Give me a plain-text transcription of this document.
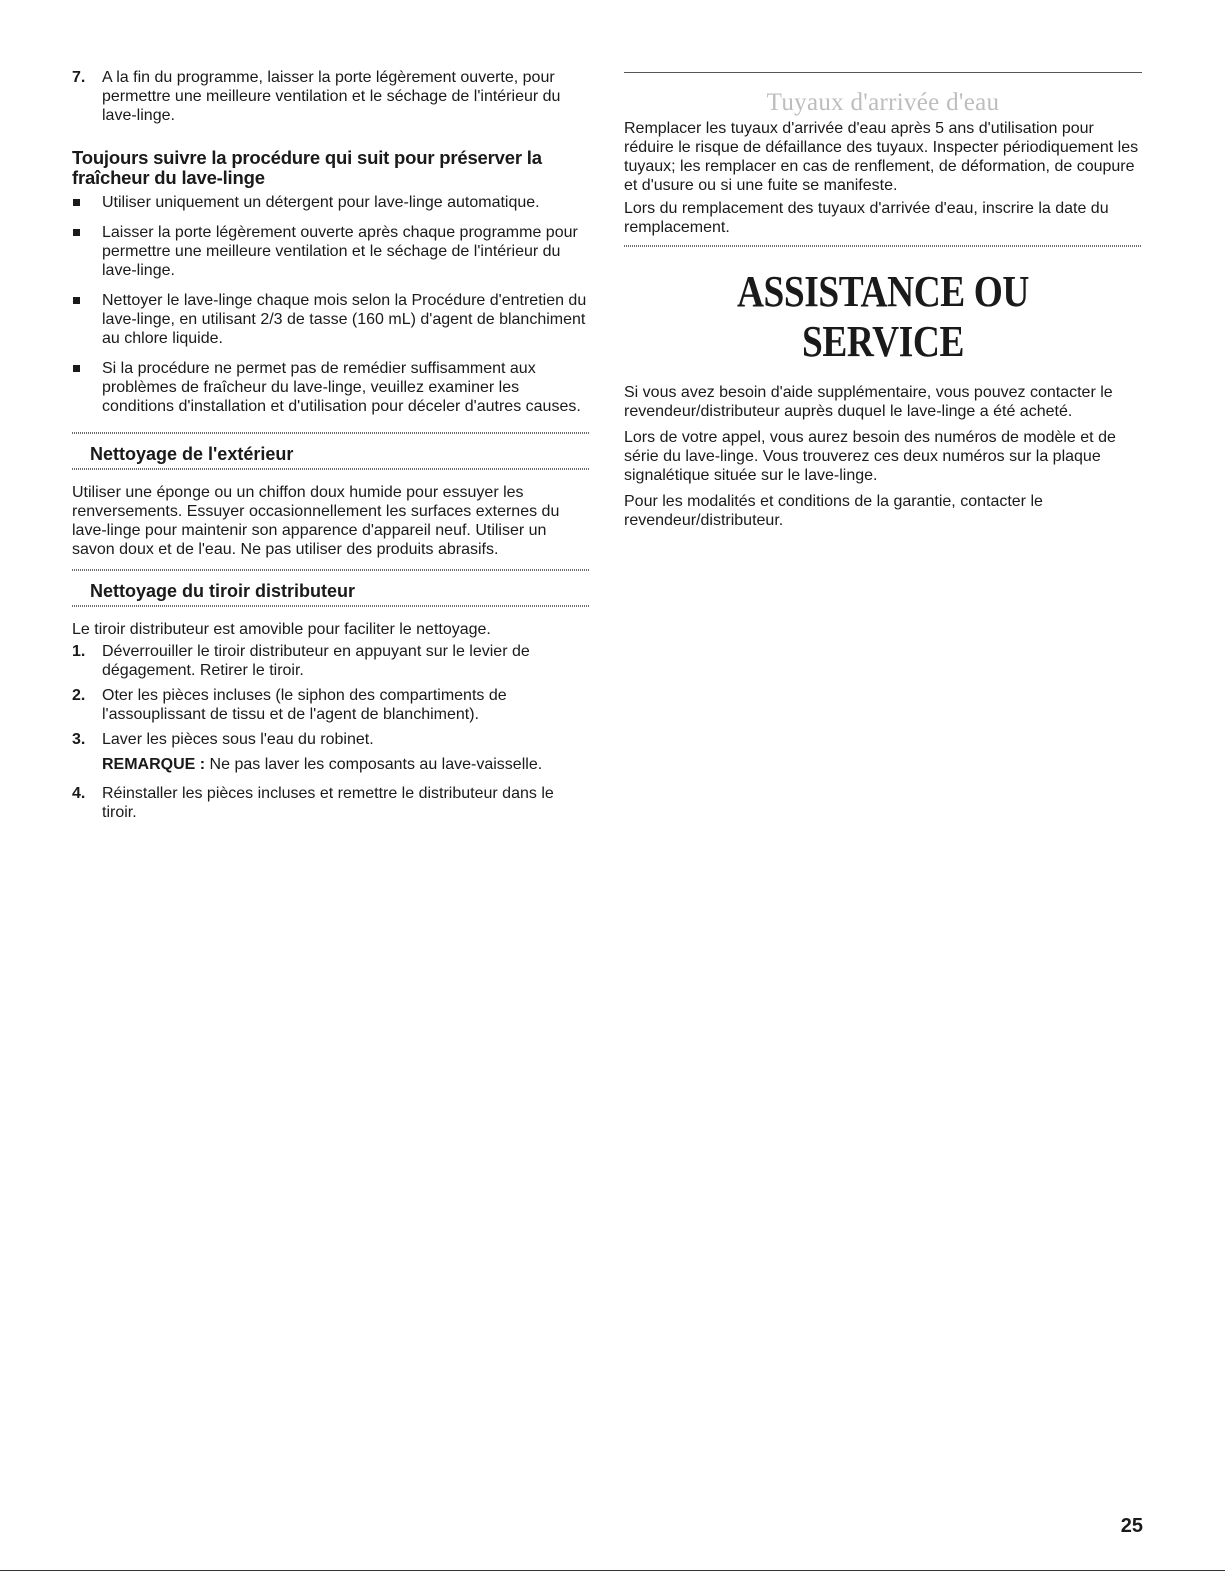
7. A la fin du programme, laisser la porte légèrement ouverte, pour permettre une meilleure ventilation et le séchage de l'intérieur du lave-linge.
Toujours suivre la procédure qui suit pour préserver la fraîcheur du lave-linge
Utiliser uniquement un détergent pour lave-linge automatique.
Laisser la porte légèrement ouverte après chaque programme pour permettre une meilleure ventilation et le séchage de l'intérieur du lave-linge.
Nettoyer le lave-linge chaque mois selon la Procédure d'entretien du lave-linge, en utilisant 2/3 de tasse (160 mL) d'agent de blanchiment au chlore liquide.
Si la procédure ne permet pas de remédier suffisamment aux problèmes de fraîcheur du lave-linge, veuillez examiner les conditions d'installation et d'utilisation pour déceler d'autres causes.
Nettoyage de l'extérieur

Utiliser une éponge ou un chiffon doux humide pour essuyer les renversements. Essuyer occasionnellement les surfaces externes du lave-linge pour maintenir son apparence d'appareil neuf. Utiliser un savon doux et de l'eau. Ne pas utiliser des produits abrasifs.

Nettoyage du tiroir distributeur

Le tiroir distributeur est amovible pour faciliter le nettoyage.

1. Déverrouiller le tiroir distributeur en appuyant sur le levier de dégagement. Retirer le tiroir.
2. Oter les pièces incluses (le siphon des compartiments de l'assouplissant de tissu et de l'agent de blanchiment).
3. Laver les pièces sous l'eau du robinet.
REMARQUE : Ne pas laver les composants au lave-vaisselle.
4. Réinstaller les pièces incluses et remettre le distributeur dans le tiroir.
Tuyaux d'arrivée d'eau

Remplacer les tuyaux d'arrivée d'eau après 5 ans d'utilisation pour réduire le risque de défaillance des tuyaux. Inspecter périodiquement les tuyaux; les remplacer en cas de renflement, de déformation, de coupure et d'usure ou si une fuite se manifeste.

Lors du remplacement des tuyaux d'arrivée d'eau, inscrire la date du remplacement.

ASSISTANCE OU SERVICE

Si vous avez besoin d'aide supplémentaire, vous pouvez contacter le revendeur/distributeur auprès duquel le lave-linge a été acheté.

Lors de votre appel, vous aurez besoin des numéros de modèle et de série du lave-linge. Vous trouverez ces deux numéros sur la plaque signalétique située sur le lave-linge.

Pour les modalités et conditions de la garantie, contacter le revendeur/distributeur.

25
